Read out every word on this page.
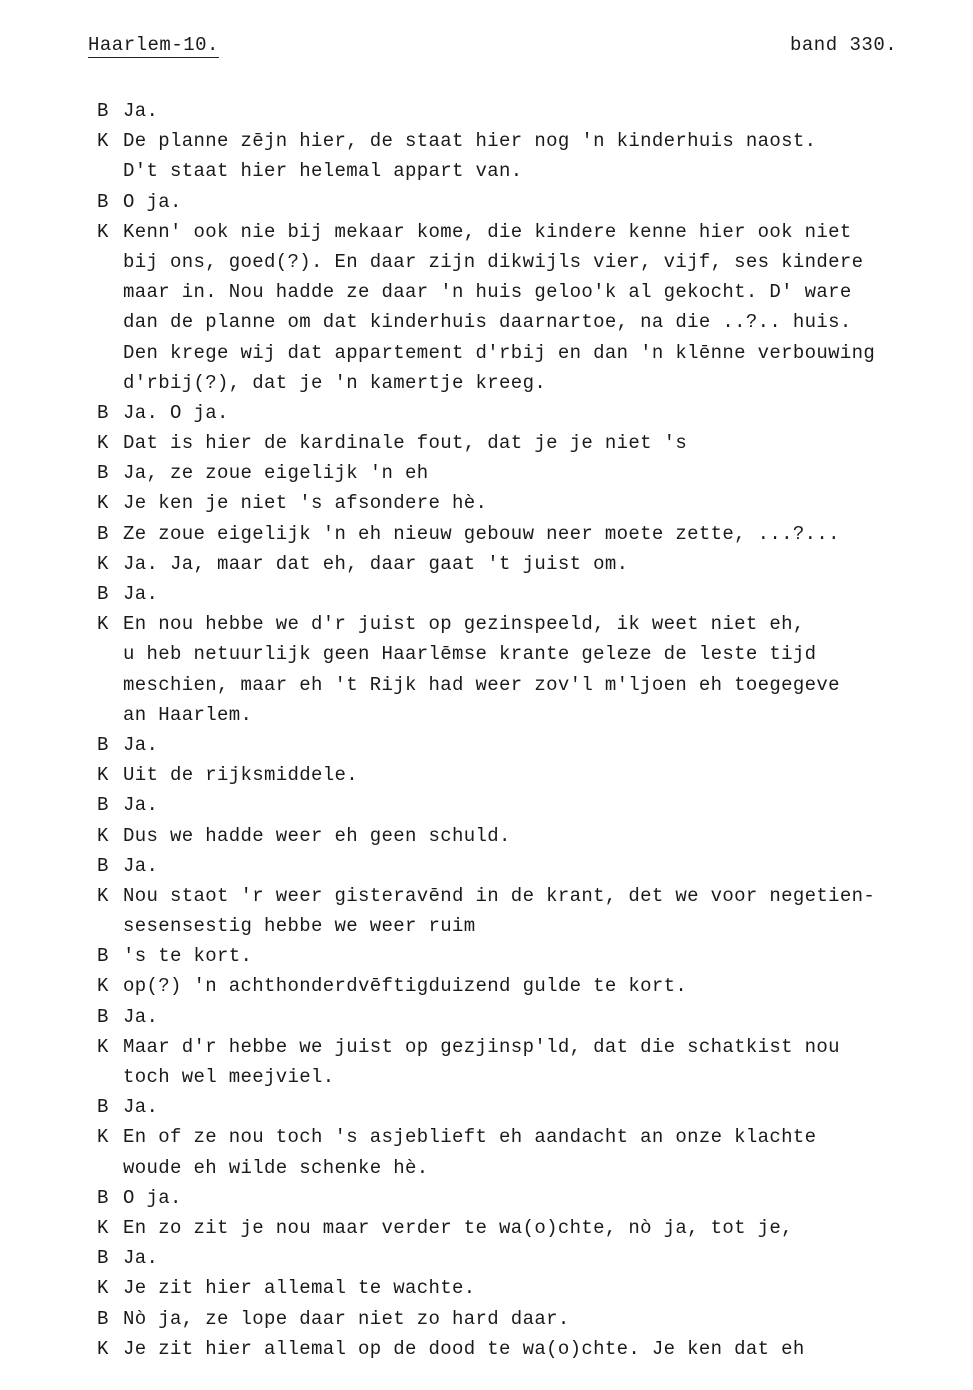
Haarlem-10.	band 330.
B Ja.
K De planne zējn hier, de staat hier nog 'n kinderhuis naost.
D't staat hier helemal appart van.
B O ja.
K Kenn' ook nie bij mekaar kome, die kindere kenne hier ook niet
bij ons, goed(?). En daar zijn dikwijls vier, vijf, ses kindere
maar in. Nou hadde ze daar 'n huis geloo'k al gekocht. D' ware
dan de planne om dat kinderhuis daarnartoe, na die ..?.. huis.
Den krege wij dat appartement d'rbij en dan 'n klēnne verbouwing
d'rbij(?), dat je 'n kamertje kreeg.
B Ja. O ja.
K Dat is hier de kardinale fout, dat je je niet 's
B Ja, ze zoue eigelijk 'n eh
K Je ken je niet 's afsondere hè.
B Ze zoue eigelijk 'n eh nieuw gebouw neer moete zette, ...?...
K Ja. Ja, maar dat eh, daar gaat 't juist om.
B Ja.
K En nou hebbe we d'r juist op gezinspeeld, ik weet niet eh,
u heb netuurlijk geen Haarlēmse krante geleze de leste tijd
meschien, maar eh 't Rijk had weer zov'l m'ljoen eh toegegeve
an Haarlem.
B Ja.
K Uit de rijksmiddele.
B Ja.
K Dus we hadde weer eh geen schuld.
B Ja.
K Nou staot 'r weer gisteravēnd in de krant, det we voor negetien-
sesensestig hebbe we weer ruim
B 's te kort.
K op(?) 'n achthonderdvēftigduizend gulde te kort.
B Ja.
K Maar d'r hebbe we juist op gezjinsp'ld, dat die schatkist nou
toch wel meejviel.
B Ja.
K En of ze nou toch 's asjeblieft eh aandacht an onze klachte
woude eh wilde schenke hè.
B O ja.
K En zo zit je nou maar verder te wa(o)chte, nò ja, tot je,
B Ja.
K Je zit hier allemal te wachte.
B Nò ja, ze lope daar niet zo hard daar.
K Je zit hier allemal op de dood te wa(o)chte. Je ken dat eh
